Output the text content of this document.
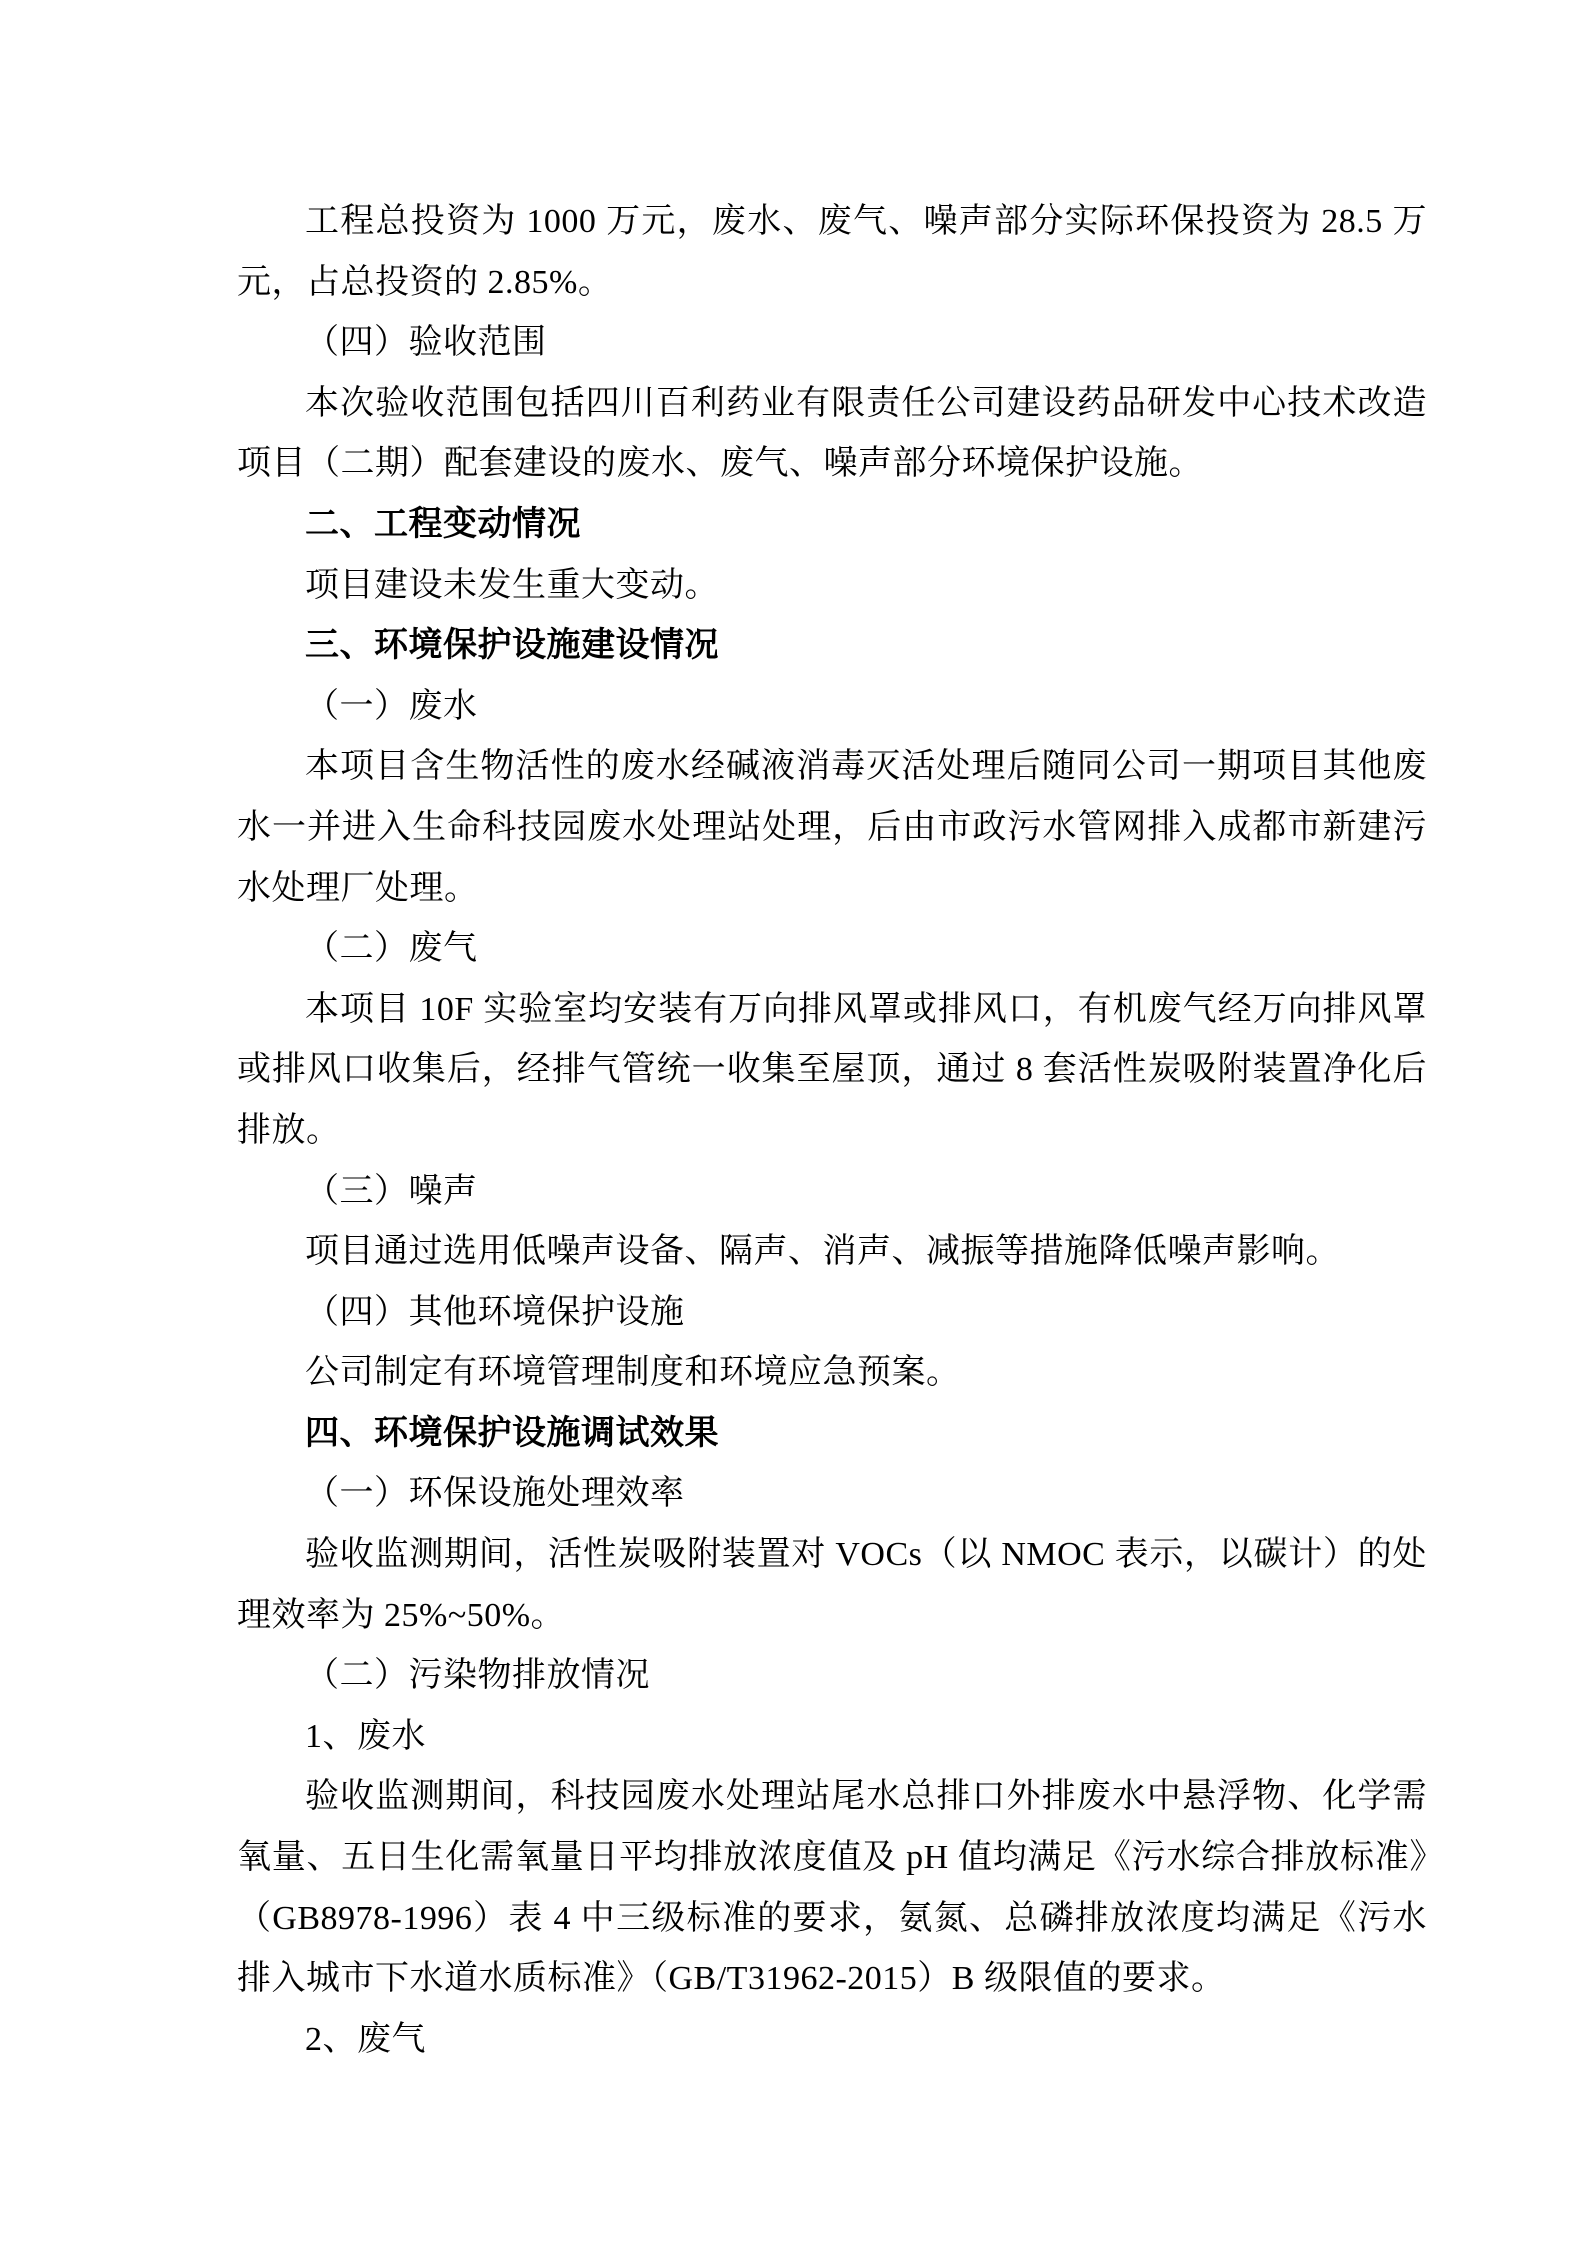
工程总投资为 1000 万元，废水、废气、噪声部分实际环保投资为 28.5 万元，占总投资的 2.85%。

（四）验收范围

本次验收范围包括四川百利药业有限责任公司建设药品研发中心技术改造项目（二期）配套建设的废水、废气、噪声部分环境保护设施。

二、工程变动情况

项目建设未发生重大变动。

三、环境保护设施建设情况

（一）废水

本项目含生物活性的废水经碱液消毒灭活处理后随同公司一期项目其他废水一并进入生命科技园废水处理站处理，后由市政污水管网排入成都市新建污水处理厂处理。

（二）废气

本项目 10F 实验室均安装有万向排风罩或排风口，有机废气经万向排风罩或排风口收集后，经排气管统一收集至屋顶，通过 8 套活性炭吸附装置净化后排放。

（三）噪声

项目通过选用低噪声设备、隔声、消声、减振等措施降低噪声影响。

（四）其他环境保护设施

公司制定有环境管理制度和环境应急预案。

四、环境保护设施调试效果

（一）环保设施处理效率

验收监测期间，活性炭吸附装置对 VOCs（以 NMOC 表示，以碳计）的处理效率为 25%~50%。

（二）污染物排放情况

1、废水

验收监测期间，科技园废水处理站尾水总排口外排废水中悬浮物、化学需氧量、五日生化需氧量日平均排放浓度值及 pH 值均满足《污水综合排放标准》（GB8978-1996）表 4 中三级标准的要求，氨氮、总磷排放浓度均满足《污水排入城市下水道水质标准》（GB/T31962-2015）B 级限值的要求。

2、废气
